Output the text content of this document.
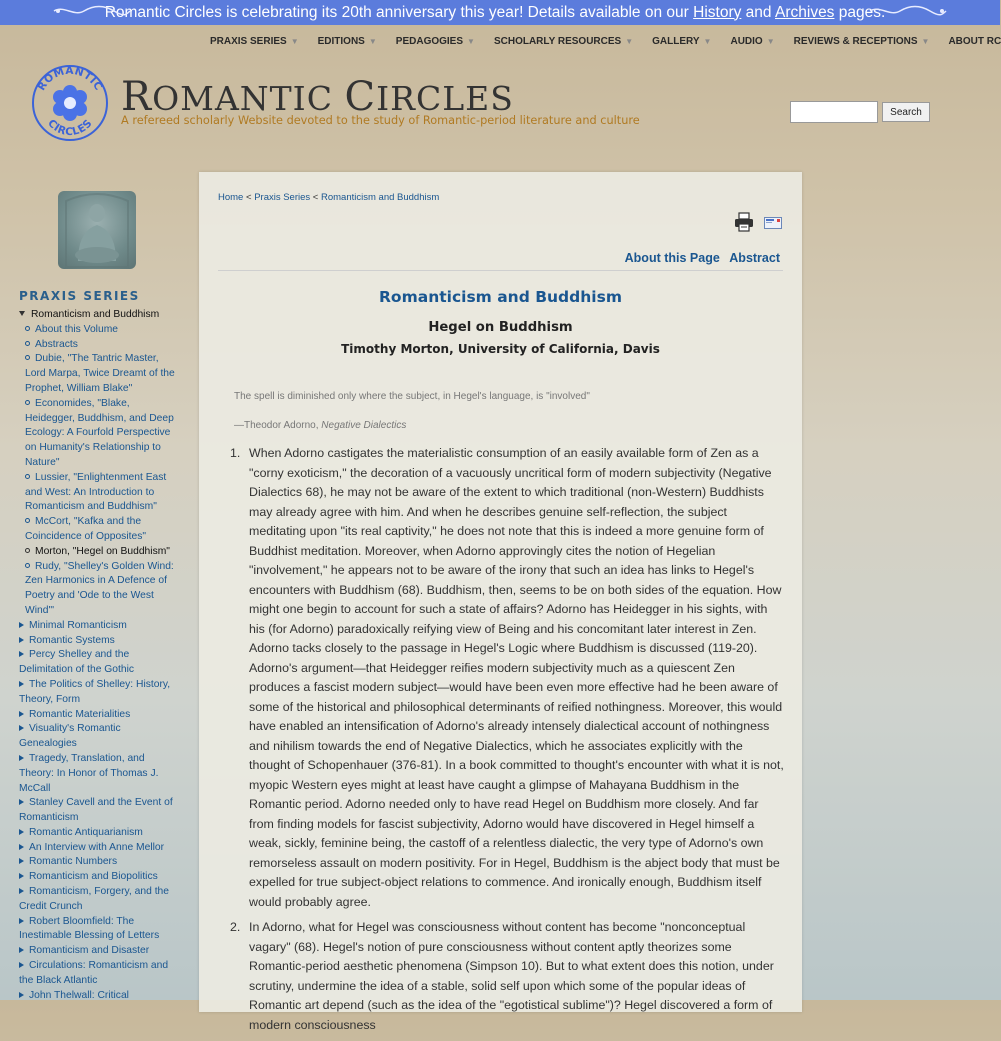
Romantic Circles is celebrating its 20th anniversary this year! Details available on our History and Archives pages.
PRAXIS SERIES ▼ EDITIONS ▼ PEDAGOGIES ▼ SCHOLARLY RESOURCES ▼ GALLERY ▼ AUDIO ▼ REVIEWS & RECEPTIONS ▼ ABOUT RC
ROMANTIC
CIRCLES
ROMANTIC CIRCLES
A refereed scholarly Website devoted to the study of Romantic-period literature and culture
Search
PRAXIS SERIES
Romanticism and Buddhism
About this Volume
Abstracts
Dubie, "The Tantric Master, Lord Marpa, Twice Dreamt of the Prophet, William Blake"
Economides, "Blake, Heidegger, Buddhism, and Deep Ecology: A Fourfold Perspective on Humanity's Relationship to Nature"
Lussier, "Enlightenment East and West: An Introduction to Romanticism and Buddhism"
McCort, "Kafka and the Coincidence of Opposites"
Morton, "Hegel on Buddhism"
Rudy, "Shelley's Golden Wind: Zen Harmonics in A Defence of Poetry and 'Ode to the West Wind'"
Minimal Romanticism
Romantic Systems
Percy Shelley and the Delimitation of the Gothic
The Politics of Shelley: History, Theory, Form
Romantic Materialities
Visuality's Romantic Genealogies
Tragedy, Translation, and Theory: In Honor of Thomas J. McCall
Stanley Cavell and the Event of Romanticism
Romantic Antiquarianism
An Interview with Anne Mellor
Romantic Numbers
Romanticism and Biopolitics
Romanticism, Forgery, and the Credit Crunch
Robert Bloomfield: The Inestimable Blessing of Letters
Romanticism and Disaster
Circulations: Romanticism and the Black Atlantic
John Thelwall: Critical
Home < Praxis Series < Romanticism and Buddhism
About this Page Abstract
Romanticism and Buddhism
Hegel on Buddhism
Timothy Morton, University of California, Davis
The spell is diminished only where the subject, in Hegel's language, is "involved"
—Theodor Adorno, Negative Dialectics
1. When Adorno castigates the materialistic consumption of an easily available form of Zen as a "corny exoticism," the decoration of a vacuously uncritical form of modern subjectivity (Negative Dialectics 68), he may not be aware of the extent to which traditional (non-Western) Buddhists may already agree with him. And when he describes genuine self-reflection, the subject meditating upon "its real captivity," he does not note that this is indeed a more genuine form of Buddhist meditation. Moreover, when Adorno approvingly cites the notion of Hegelian "involvement," he appears not to be aware of the irony that such an idea has links to Hegel's encounters with Buddhism (68). Buddhism, then, seems to be on both sides of the equation. How might one begin to account for such a state of affairs? Adorno has Heidegger in his sights, with his (for Adorno) paradoxically reifying view of Being and his concomitant later interest in Zen. Adorno tacks closely to the passage in Hegel's Logic where Buddhism is discussed (119-20). Adorno's argument—that Heidegger reifies modern subjectivity much as a quiescent Zen produces a fascist modern subject—would have been even more effective had he been aware of some of the historical and philosophical determinants of reified nothingness. Moreover, this would have enabled an intensification of Adorno's already intensely dialectical account of nothingness and nihilism towards the end of Negative Dialectics, which he associates explicitly with the thought of Schopenhauer (376-81). In a book committed to thought's encounter with what it is not, myopic Western eyes might at least have caught a glimpse of Mahayana Buddhism in the Romantic period. Adorno needed only to have read Hegel on Buddhism more closely. And far from finding models for fascist subjectivity, Adorno would have discovered in Hegel himself a weak, sickly, feminine being, the castoff of a relentless dialectic, the very type of Adorno's own remorseless assault on modern positivity. For in Hegel, Buddhism is the abject body that must be expelled for true subject-object relations to commence. And ironically enough, Buddhism itself would probably agree.
2. In Adorno, what for Hegel was consciousness without content has become "nonconceptual vagary" (68). Hegel's notion of pure consciousness without content aptly theorizes some Romantic-period aesthetic phenomena (Simpson 10). But to what extent does this notion, under scrutiny, undermine the idea of a stable, solid self upon which some of the popular ideas of Romantic art depend (such as the idea of the "egotistical sublime")? Hegel discovered a form of modern consciousness
